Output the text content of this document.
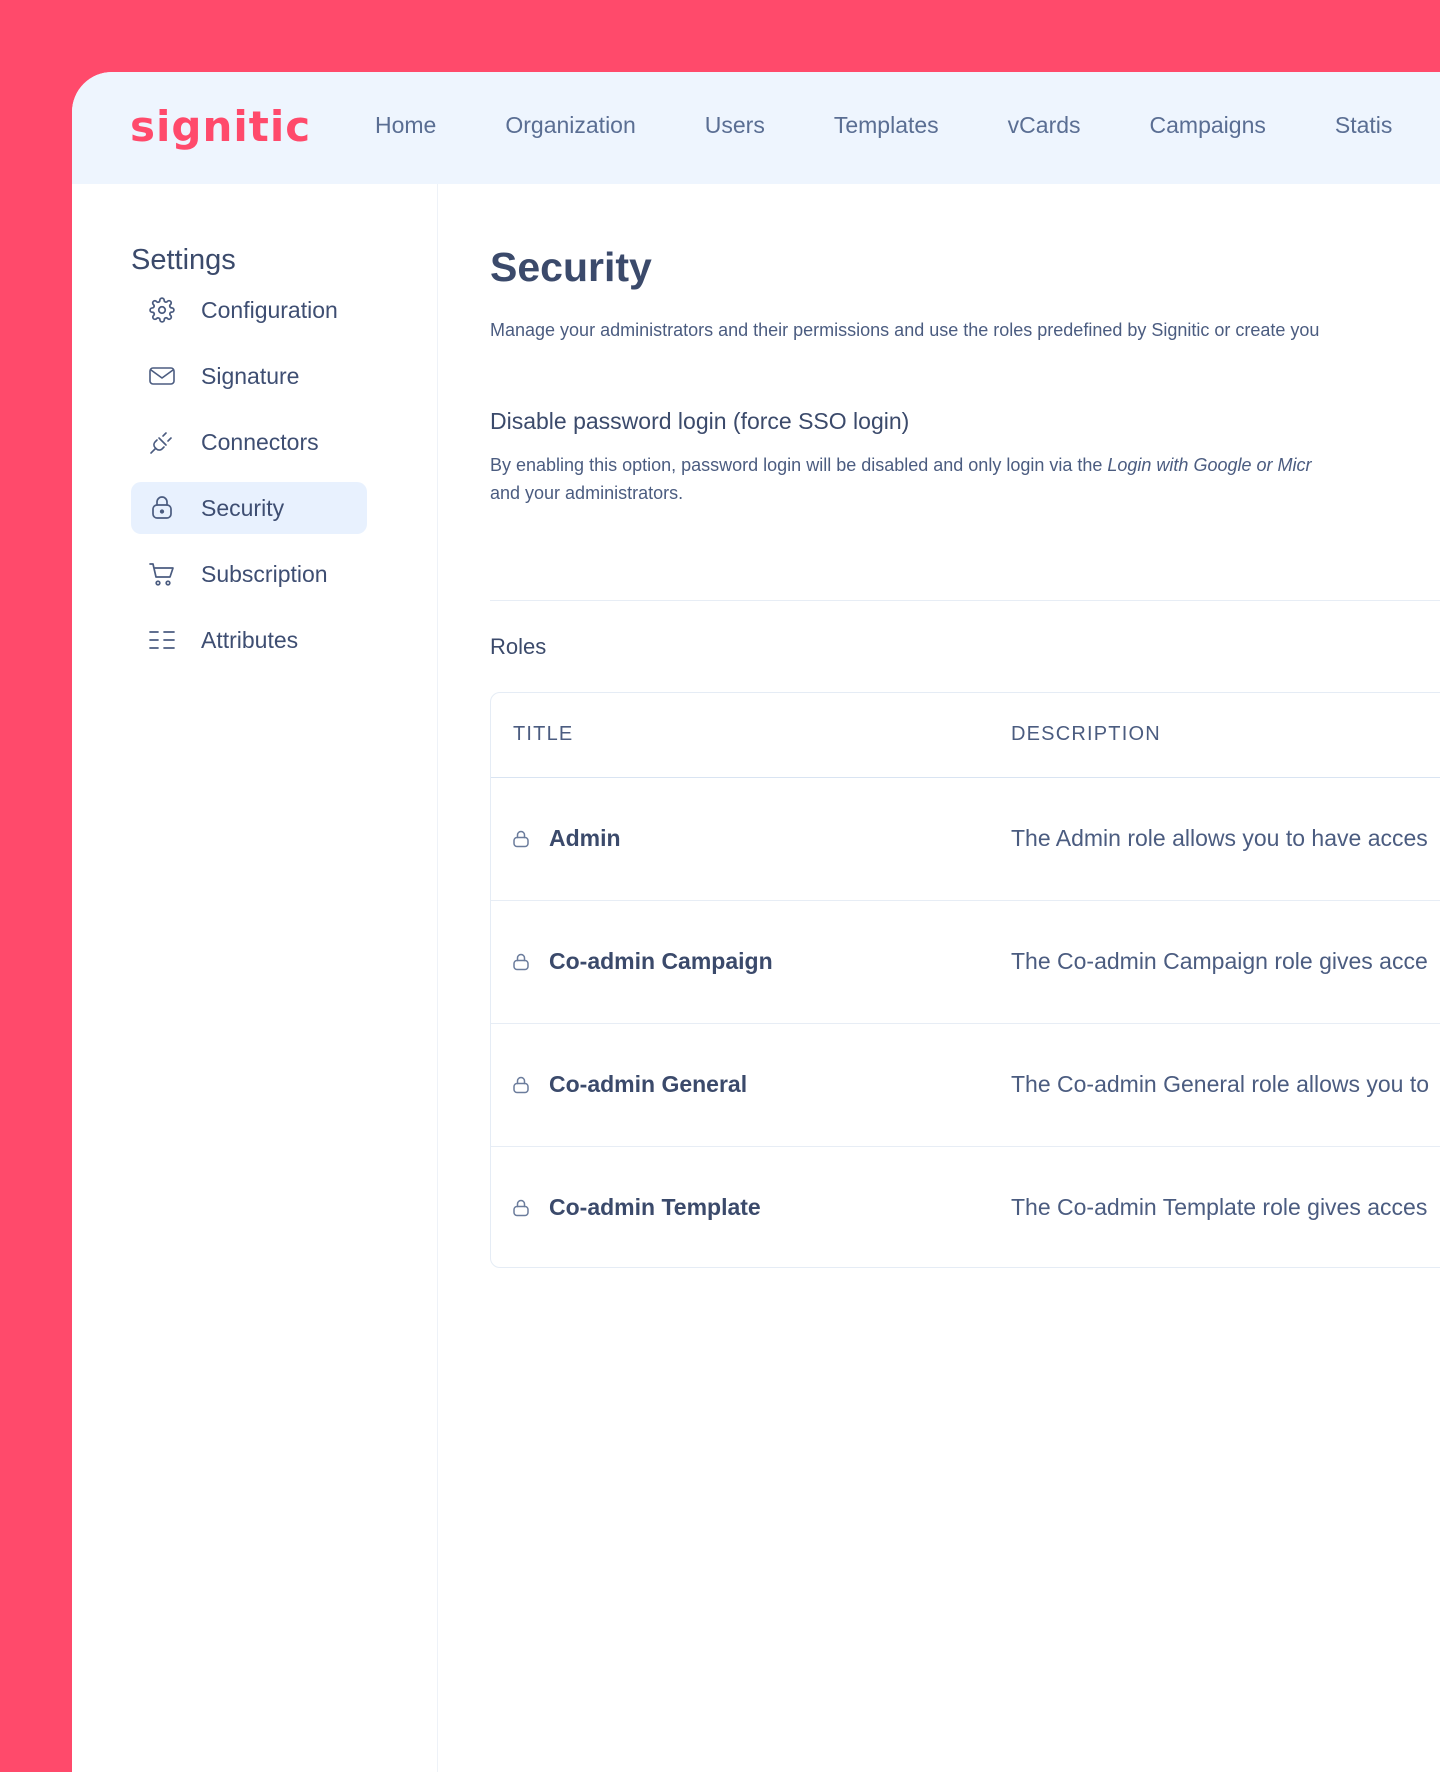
signitic	Home	Organization	Users	Templates	vCards	Campaigns	Statis
Settings
Configuration
Signature
Connectors
Security
Subscription
Attributes
Security
Manage your administrators and their permissions and use the roles predefined by Signitic or create you
Disable password login (force SSO login)
By enabling this option, password login will be disabled and only login via the Login with Google or Micr
and your administrators.
Roles
TITLE	DESCRIPTION
Admin	The Admin role allows you to have acces
Co-admin Campaign	The Co-admin Campaign role gives acce
Co-admin General	The Co-admin General role allows you to
Co-admin Template	The Co-admin Template role gives acces
